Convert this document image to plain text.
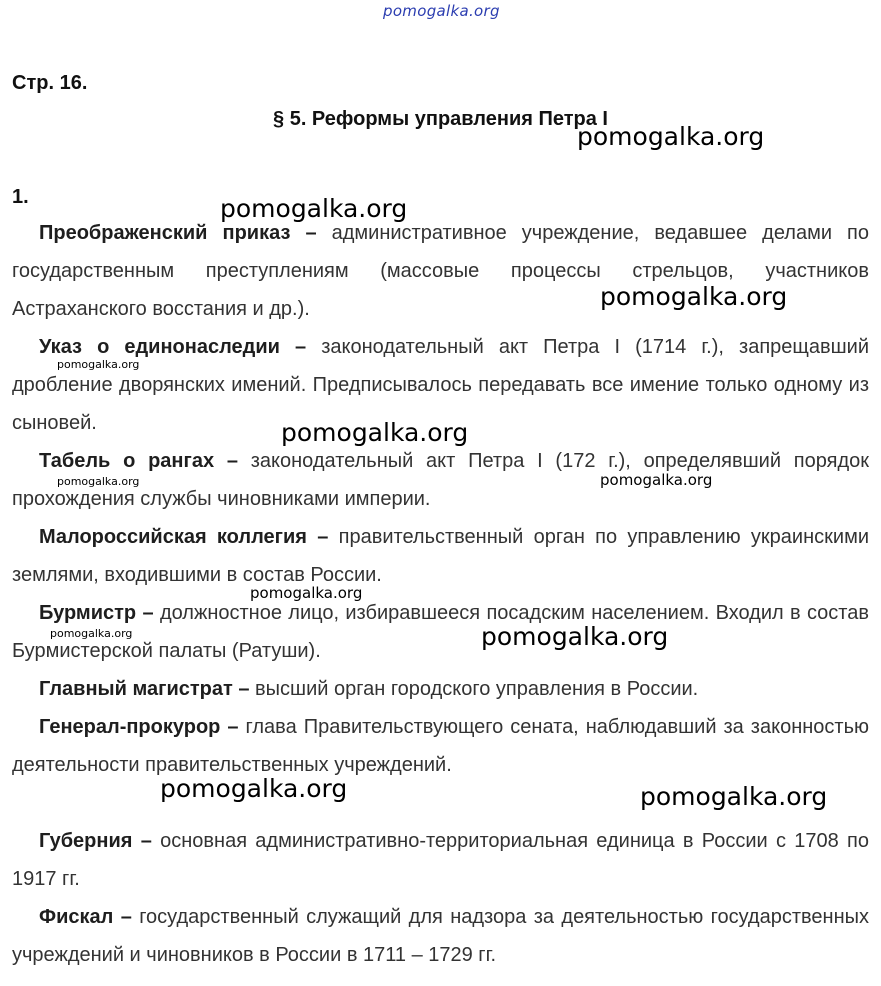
pomogalka.org
Стр. 16.
§ 5. Реформы управления Петра I
1.
Преображенский приказ – административное учреждение, ведавшее делами по государственным преступлениям (массовые процессы стрельцов, участников Астраханского восстания и др.).
Указ о единонаследии – законодательный акт Петра I (1714 г.), запрещавший дробление дворянских имений. Предписывалось передавать все имение только одному из сыновей.
Табель о рангах – законодательный акт Петра I (172 г.), определявший порядок прохождения службы чиновниками империи.
Малороссийская коллегия – правительственный орган по управлению украинскими землями, входившими в состав России.
Бурмистр – должностное лицо, избиравшееся посадским населением. Входил в состав Бурмистерской палаты (Ратуши).
Главный магистрат – высший орган городского управления в России.
Генерал-прокурор – глава Правительствующего сената, наблюдавший за законностью деятельности правительственных учреждений.
Губерния – основная административно-территориальная единица в России с 1708 по 1917 гг.
Фискал – государственный служащий для надзора за деятельностью государственных учреждений и чиновников в России в 1711 – 1729 гг.
pomogalka.org
pomogalka.org
pomogalka.org
pomogalka.org
pomogalka.org
pomogalka.org	pomogalka.org
pomogalka.org
pomogalka.org	pomogalka.org
pomogalka.org	pomogalka.org
